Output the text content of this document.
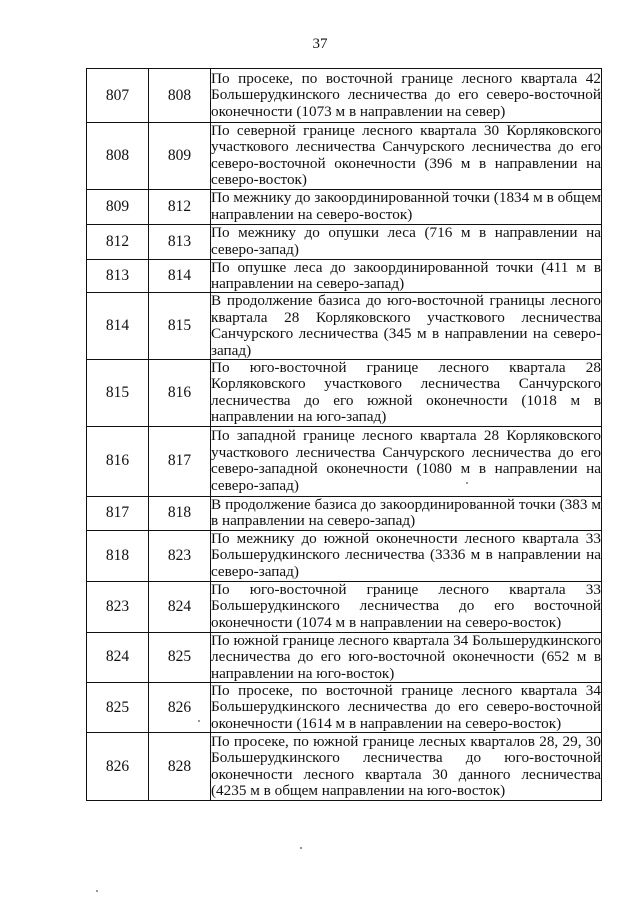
37
807	808	По просеке, по восточной границе лесного квартала 42 Большерудкинского лесничества до его северо-восточной оконечности (1073 м в направлении на север)
808	809	По северной границе лесного квартала 30 Корляковского участкового лесничества Санчурского лесничества до его северо-восточной оконечности (396 м в направлении на северо-восток)
809	812	По межнику до закоординированной точки (1834 м в общем направлении на северо-восток)
812	813	По межнику до опушки леса (716 м в направлении на северо-запад)
813	814	По опушке леса до закоординированной точки (411 м в направлении на северо-запад)
814	815	В продолжение базиса до юго-восточной границы лесного квартала 28 Корляковского участкового лесничества Санчурского лесничества (345 м в направлении на северо-запад)
815	816	По юго-восточной границе лесного квартала 28 Корляковского участкового лесничества Санчурского лесничества до его южной оконечности (1018 м в направлении на юго-запад)
816	817	По западной границе лесного квартала 28 Корляковского участкового лесничества Санчурского лесничества до его северо-западной оконечности (1080 м в направлении на северо-запад)
817	818	В продолжение базиса до закоординированной точки (383 м в направлении на северо-запад)
818	823	По межнику до южной оконечности лесного квартала 33 Большерудкинского лесничества (3336 м в направлении на северо-запад)
823	824	По юго-восточной границе лесного квартала 33 Большерудкинского лесничества до его восточной оконечности (1074 м в направлении на северо-восток)
824	825	По южной границе лесного квартала 34 Большерудкинского лесничества до его юго-восточной оконечности (652 м в направлении на юго-восток)
825	826	По просеке, по восточной границе лесного квартала 34 Большерудкинского лесничества до его северо-восточной оконечности (1614 м в направлении на северо-восток)
826	828	По просеке, по южной границе лесных кварталов 28, 29, 30 Большерудкинского лесничества до юго-восточной оконечности лесного квартала 30 данного лесничества (4235 м в общем направлении на юго-восток)
